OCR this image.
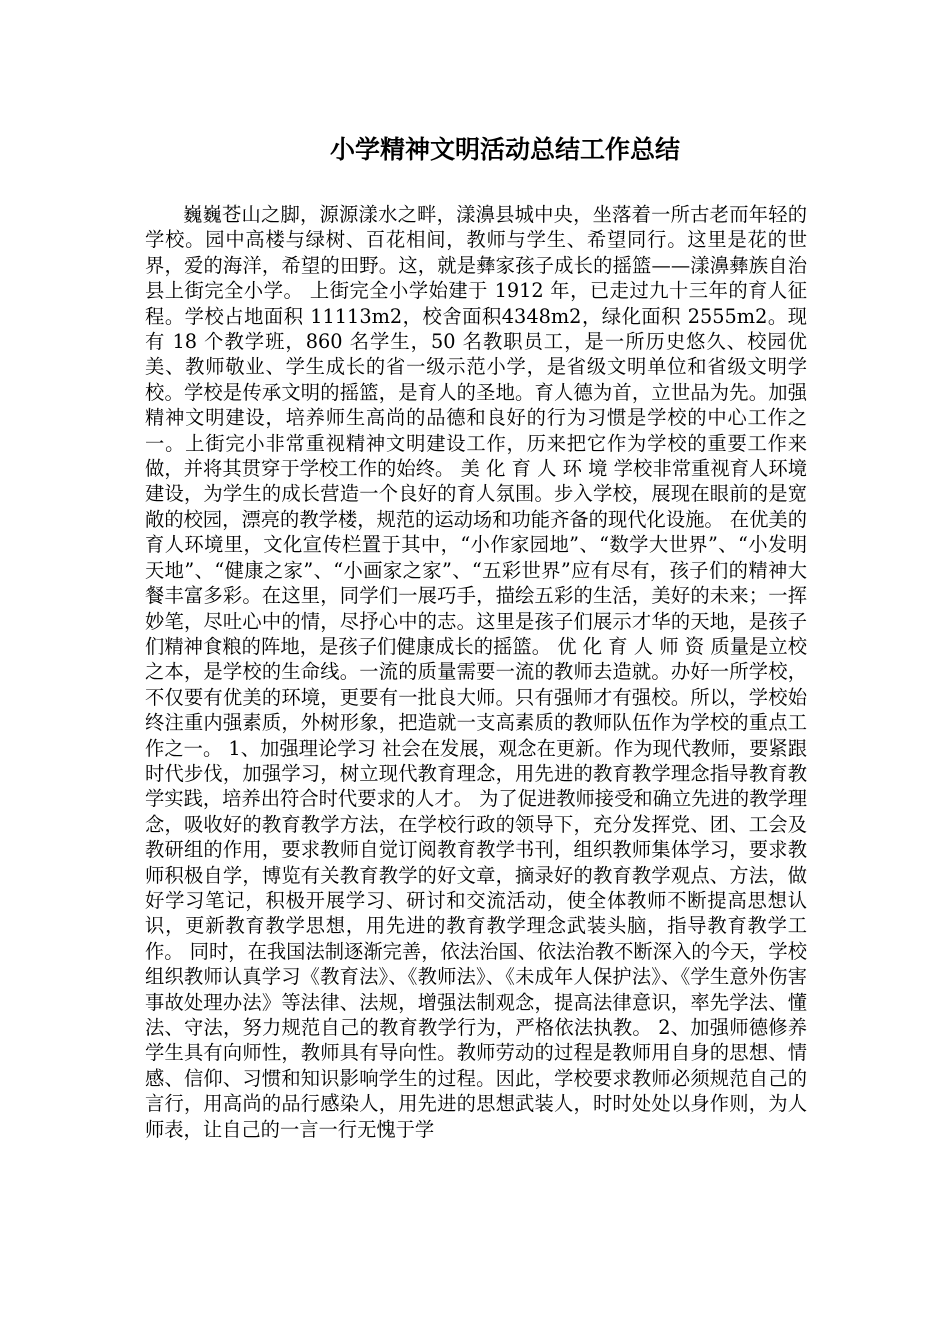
小学精神文明活动总结工作总结

巍巍苍山之脚，源源漾水之畔，漾濞县城中央，坐落着一所古老而年轻的学校。园中高楼与绿树、百花相间，教师与学生、希望同行。这里是花的世界，爱的海洋，希望的田野。这，就是彝家孩子成长的摇篮——漾濞彝族自治县上街完全小学。 上街完全小学始建于 1912 年，已走过九十三年的育人征程。学校占地面积 11113m2，校舍面积4348m2，绿化面积 2555m2。现有 18 个教学班，860 名学生，50 名教职员工，是一所历史悠久、校园优美、教师敬业、学生成长的省一级示范小学，是省级文明单位和省级文明学校。学校是传承文明的摇篮，是育人的圣地。育人德为首，立世品为先。加强精神文明建设，培养师生高尚的品德和良好的行为习惯是学校的中心工作之一。上街完小非常重视精神文明建设工作，历来把它作为学校的重要工作来做，并将其贯穿于学校工作的始终。 美 化 育 人 环 境 学校非常重视育人环境建设，为学生的成长营造一个良好的育人氛围。步入学校，展现在眼前的是宽敞的校园，漂亮的教学楼，规范的运动场和功能齐备的现代化设施。 在优美的育人环境里，文化宣传栏置于其中，“小作家园地”、“数学大世界”、“小发明天地”、“健康之家”、“小画家之家”、“五彩世界”应有尽有，孩子们的精神大餐丰富多彩。在这里，同学们一展巧手，描绘五彩的生活，美好的未来；一挥妙笔，尽吐心中的情，尽抒心中的志。这里是孩子们展示才华的天地，是孩子们精神食粮的阵地，是孩子们健康成长的摇篮。 优 化 育 人 师 资 质量是立校之本，是学校的生命线。一流的质量需要一流的教师去造就。办好一所学校，不仅要有优美的环境，更要有一批良大师。只有强师才有强校。所以，学校始终注重内强素质，外树形象，把造就一支高素质的教师队伍作为学校的重点工作之一。 1、加强理论学习 社会在发展，观念在更新。作为现代教师，要紧跟时代步伐，加强学习，树立现代教育理念，用先进的教育教学理念指导教育教学实践，培养出符合时代要求的人才。 为了促进教师接受和确立先进的教学理念，吸收好的教育教学方法，在学校行政的领导下，充分发挥党、团、工会及教研组的作用，要求教师自觉订阅教育教学书刊，组织教师集体学习，要求教师积极自学，博览有关教育教学的好文章，摘录好的教育教学观点、方法，做好学习笔记，积极开展学习、研讨和交流活动，使全体教师不断提高思想认识，更新教育教学思想，用先进的教育教学理念武装头脑，指导教育教学工作。 同时，在我国法制逐渐完善，依法治国、依法治教不断深入的今天，学校组织教师认真学习《教育法》、《教师法》、《未成年人保护法》、《学生意外伤害事故处理办法》等法律、法规，增强法制观念，提高法律意识，率先学法、懂法、守法，努力规范自己的教育教学行为，严格依法执教。 2、加强师德修养 学生具有向师性，教师具有导向性。教师劳动的过程是教师用自身的思想、情感、信仰、习惯和知识影响学生的过程。因此，学校要求教师必须规范自己的言行，用高尚的品行感染人，用先进的思想武装人，时时处处以身作则，为人师表，让自己的一言一行无愧于学
